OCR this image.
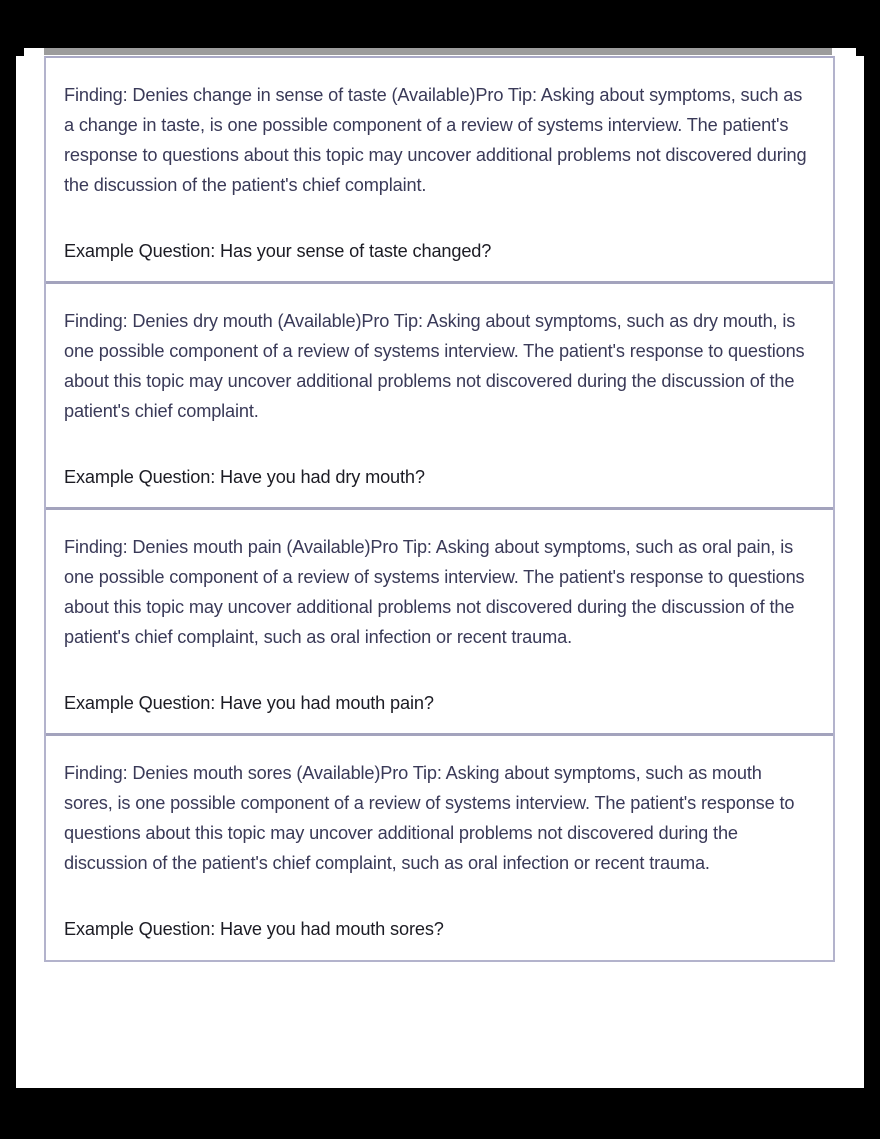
Finding: Denies change in sense of taste (Available)Pro Tip: Asking about symptoms, such as a change in taste, is one possible component of a review of systems interview. The patient's response to questions about this topic may uncover additional problems not discovered during the discussion of the patient's chief complaint.

Example Question: Has your sense of taste changed?

Finding: Denies dry mouth (Available)Pro Tip: Asking about symptoms, such as dry mouth, is one possible component of a review of systems interview. The patient's response to questions about this topic may uncover additional problems not discovered during the discussion of the patient's chief complaint.

Example Question: Have you had dry mouth?

Finding: Denies mouth pain (Available)Pro Tip: Asking about symptoms, such as oral pain, is one possible component of a review of systems interview. The patient's response to questions about this topic may uncover additional problems not discovered during the discussion of the patient's chief complaint, such as oral infection or recent trauma.

Example Question: Have you had mouth pain?

Finding: Denies mouth sores (Available)Pro Tip: Asking about symptoms, such as mouth sores, is one possible component of a review of systems interview. The patient's response to questions about this topic may uncover additional problems not discovered during the discussion of the patient's chief complaint, such as oral infection or recent trauma.

Example Question: Have you had mouth sores?
